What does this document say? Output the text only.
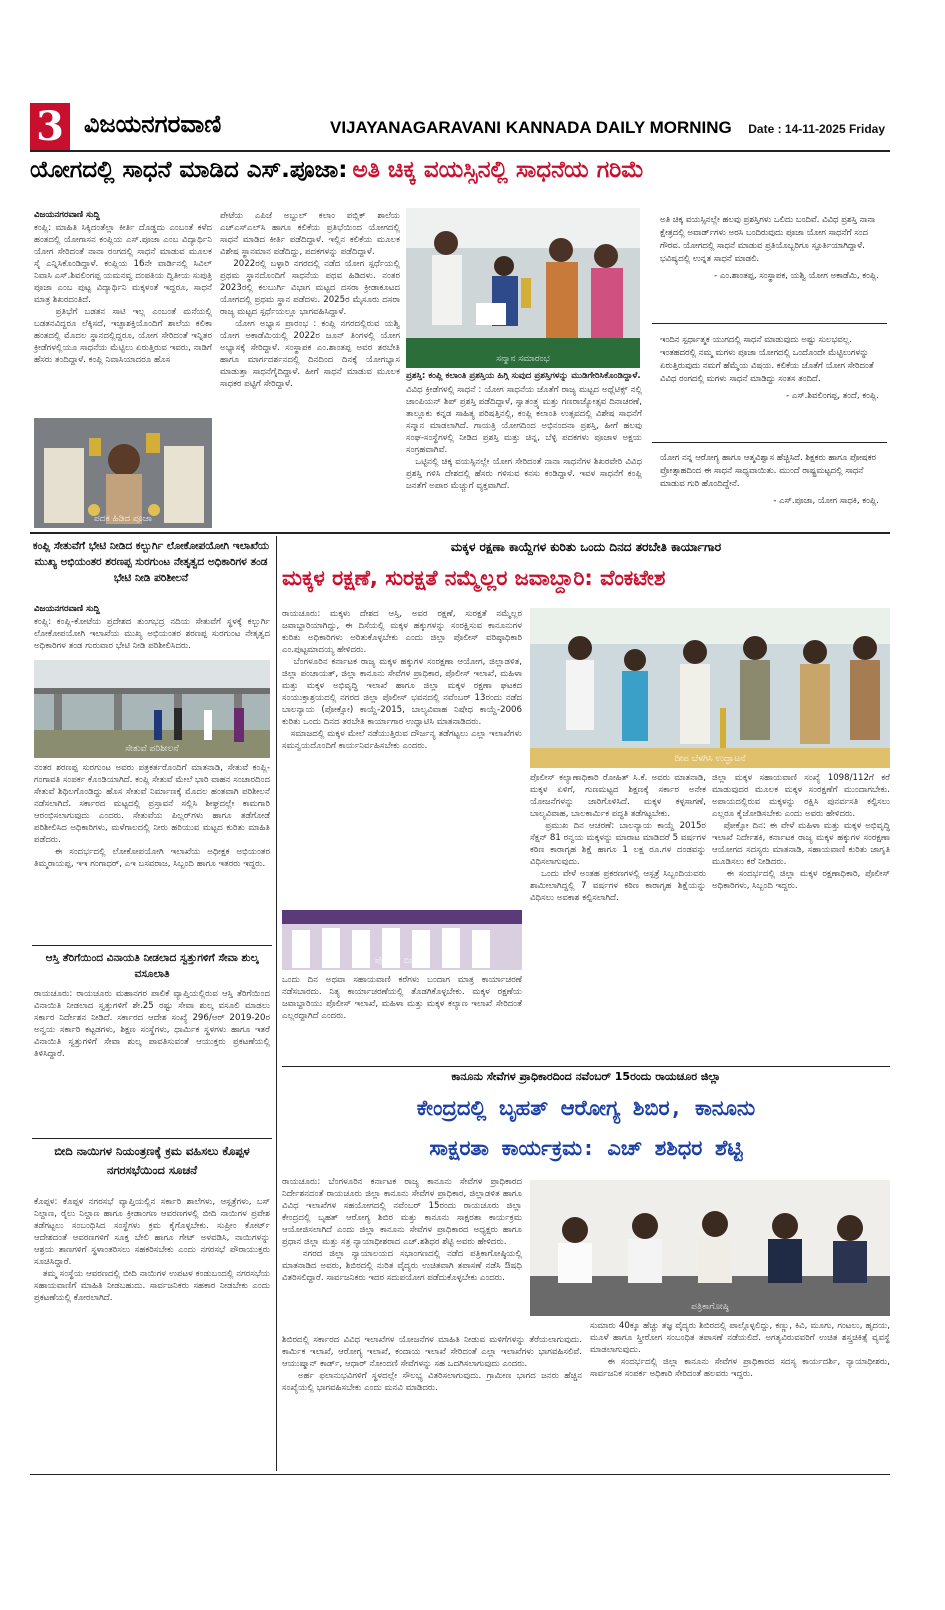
3 ವಿಜಯನಗರವಾಣಿ	VIJAYANAGARAVANI KANNADA DAILY MORNING Date : 14-11-2025 Friday
ಯೋಗದಲ್ಲಿ ಸಾಧನೆ ಮಾಡಿದ ಎಸ್.ಪೂಜಾ: ಅತಿ ಚಿಕ್ಕ ವಯಸ್ಸಿನಲ್ಲಿ ಸಾಧನೆಯ ಗರಿಮೆ
ವಿಜಯನಗರವಾಣಿ ಸುದ್ದಿ
ಕಂಪ್ಲಿ: ಮಾಹಿತಿ ಸಿಕ್ಕಿದಂತೆಲ್ಲಾ ಕೀರ್ತಿ ದೊಡ್ಡದು ಎಂಬಂತೆ ಕಳೆದ ಹಂತದಲ್ಲಿ ಯೋಗಾಸನ ಕಂಪ್ಲಿಯ ಎಸ್.ಪೂಜಾ ಎಂಬ ವಿದ್ಯಾರ್ಥಿನಿ ಯೋಗ ಸೇರಿದಂತೆ ನಾನಾ ರಂಗದಲ್ಲಿ ಸಾಧನೆ ಮಾಡುವ ಮೂಲಕ ಸೈ ಎನ್ನಿಸಿಕೊಂಡಿದ್ದಾಳೆ. ಕಂಪ್ಲಿಯ 16ನೇ ವಾರ್ಡಿನಲ್ಲಿ ಸಿವಿಲ್ ನಿವಾಸಿ ಎಸ್.ಶಿವಲಿಂಗಪ್ಪ ಯಮನವ್ವ ದಂಪತಿಯ ದ್ವಿತೀಯ ಸುಪುತ್ರಿ ಪೂಜಾ ಎಂಬ ಪುಟ್ಟ ವಿದ್ಯಾರ್ಥಿನಿ ಮಕ್ಕಳಂತೆ ಇದ್ದರೂ, ಸಾಧನೆ ಮಾತ್ರ ಶಿಖರದಂತಿದೆ.
ಪ್ರತಿಭೆಗೆ ಬಡತನ ಸಾಟಿ ಇಲ್ಲ ಎಂಬಂತೆ ಮನೆಯಲ್ಲಿ ಬಡತನವಿದ್ದರೂ ಲೆಕ್ಕಿಸದೆ, ಇಚ್ಛಾಶಕ್ತಿಯೊಂದಿಗೆ ಶಾಲೆಯ ಕಲಿಕಾ ಹಂತದಲ್ಲಿ ಮೊದಲ ಸ್ಥಾನದಲ್ಲಿದ್ದರೂ, ಯೋಗ ಸೇರಿದಂತೆ ಇನ್ನಿತರ ಕ್ರೀಡೆಗಳಲ್ಲಿಯೂ ಸಾಧನೆಯ ಮೆಟ್ಟಿಲು ಏರುತ್ತಿರುವ ಇವರು, ನಾಡಿಗೆ ಹೆಸರು ತಂದಿದ್ದಾಳೆ. ಕಂಪ್ಲಿ ನಿವಾಸಿಯಾದರೂ ಹೊಸ
ಪೇಟೆಯ ಎಪಿಜೆ ಅಬ್ದುಲ್ ಕಲಾಂ ಪಬ್ಲಿಕ್ ಶಾಲೆಯ ಎಚ್‌ಎಸ್‌ಎಲ್‌ಸಿ ಹಾಗೂ ಕಲಿಕೆಯ ಪ್ರತಿಭೆಯಿಂದ ಯೋಗದಲ್ಲಿ ಸಾಧನೆ ಮಾಡಿದ ಕೀರ್ತಿ ಪಡೆದಿದ್ದಾಳೆ. ಇಲ್ಲಿನ ಕಲಿಕೆಯ ಮೂಲಕ ವಿಶೇಷ ಸ್ಥಾನಮಾನ ಪಡೆದಿದ್ದು, ಪದಕಗಳನ್ನು ಪಡೆದಿದ್ದಾಳೆ.
2022ರಲ್ಲಿ ಬಳ್ಳಾರಿ ನಗರದಲ್ಲಿ ನಡೆದ ಯೋಗ ಸ್ಪರ್ಧೆಯಲ್ಲಿ ಪ್ರಥಮ ಸ್ಥಾನದೊಂದಿಗೆ ಸಾಧನೆಯ ಪಥವ ಹಿಡಿದಳು. ನಂತರ 2023ರಲ್ಲಿ ಕಲಬುರ್ಗಿ ವಿಭಾಗ ಮಟ್ಟದ ದಸರಾ ಕ್ರೀಡಾಕೂಟದ ಯೋಗದಲ್ಲಿ ಪ್ರಥಮ ಸ್ಥಾನ ಪಡೆದಳು. 2025ರ ಮೈಸೂರು ದಸರಾ ರಾಜ್ಯ ಮಟ್ಟದ ಸ್ಪರ್ಧೆಯಲ್ಲೂ ಭಾಗವಹಿಸಿದ್ದಾಳೆ.
ಯೋಗ ಅಭ್ಯಾಸ ಪ್ರಾರಂಭ : ಕಂಪ್ಲಿ ನಗರದಲ್ಲಿರುವ ಯಶ್ವಿ ಯೋಗ ಅಕಾಡೆಮಿಯಲ್ಲಿ 2022ರ ಜೂನ್ ತಿಂಗಳಲ್ಲಿ ಯೋಗ ಅಭ್ಯಾಸಕ್ಕೆ ಸೇರಿದ್ದಾಳೆ. ಸಂಸ್ಥಾಪಕ ಎಂ.ಶಾಂತಪ್ಪ ಅವರ ತರಬೇತಿ ಹಾಗೂ ಮಾರ್ಗದರ್ಶನದಲ್ಲಿ ದಿನದಿಂದ ದಿನಕ್ಕೆ ಯೋಗಭ್ಯಾಸ ಮಾಡುತ್ತಾ ಸಾಧನೆಗೈದಿದ್ದಾಳೆ. ಹೀಗೆ ಸಾಧನೆ ಮಾಡುವ ಮೂಲಕ ಸಾಧಕರ ಪಟ್ಟಿಗೆ ಸೇರಿದ್ದಾಳೆ.
ಪದಕ ಹಿಡಿದ ಪೂಜಾ
ಸನ್ಮಾನ ಸಮಾರಂಭ
ಪ್ರಶಸ್ತಿ: ಕಂಪ್ಲಿ ಕಲಾಂತಿ ಪ್ರಶಸ್ತಿಯ ಹಿಗ್ಗಿ ಸುವುದ ಪ್ರಶಸ್ತಿಗಳನ್ನು ಮುಡಿಗೇರಿಸಿಕೊಂಡಿದ್ದಾಳೆ.
ವಿವಿಧ ಕ್ರೀಡೆಗಳಲ್ಲಿ ಸಾಧನೆ : ಯೋಗ ಸಾಧನೆಯ ಜೊತೆಗೆ ರಾಜ್ಯ ಮಟ್ಟದ ಅಥ್ಲೆಟಿಕ್ಸ್ ನಲ್ಲಿ ಚಾಂಪಿಯನ್ ಶಿಪ್ ಪ್ರಶಸ್ತಿ ಪಡೆದಿದ್ದಾಳೆ, ಸ್ವಾತಂತ್ರ್ಯ ಮತ್ತು ಗಣರಾಜ್ಯೋತ್ಸವ ದಿನಾಚರಣೆ, ತಾಲ್ಲೂಕು ಕನ್ನಡ ಸಾಹಿತ್ಯ ಪರಿಷತ್ತಿನಲ್ಲಿ, ಕಂಪ್ಲಿ ಕಲಾಂತಿ ಉತ್ಸವದಲ್ಲಿ ವಿಶೇಷ ಸಾಧನೆಗೆ ಸನ್ಮಾನ ಮಾಡಲಾಗಿದೆ. ಗಾಯತ್ರಿ ಯೋಗದಿಂದ ಅಭಿನಂದನಾ ಪ್ರಶಸ್ತಿ, ಹೀಗೆ ಹಲವು ಸಂಘ-ಸಂಸ್ಥೆಗಳಲ್ಲಿ ನೀಡಿದ ಪ್ರಶಸ್ತಿ ಮತ್ತು ಚಿನ್ನ, ಬೆಳ್ಳಿ ಪದಕಗಳು ಪೂಜಾಳ ಅಕ್ಷಯ ಸಂಗ್ರಹವಾಗಿವೆ.
ಒಟ್ಟಿನಲ್ಲಿ ಚಿಕ್ಕ ವಯಸ್ಸಿನಲ್ಲೇ ಯೋಗ ಸೇರಿದಂತೆ ನಾನಾ ಸಾಧನೆಗಳ ಶಿಖರವೇರಿ ವಿವಿಧ ಪ್ರಶಸ್ತಿ ಗಳಿಸಿ ದೇಶದಲ್ಲಿ ಹೆಸರು ಗಳಿಸುವ ಕನಸು ಕಂಡಿದ್ದಾಳೆ. ಇವಳ ಸಾಧನೆಗೆ ಕಂಪ್ಲಿ ಜನತೆಗೆ ಅಪಾರ ಮೆಚ್ಚುಗೆ ವ್ಯಕ್ತವಾಗಿದೆ.
ಅತಿ ಚಿಕ್ಕ ವಯಸ್ಸಿನಲ್ಲೇ ಹಲವು ಪ್ರಶಸ್ತಿಗಳು ಒಲಿದು ಬಂದಿವೆ. ವಿವಿಧ ಪ್ರಶಸ್ತಿ ನಾನಾ ಕ್ಷೇತ್ರದಲ್ಲಿ ಅವಾರ್ಡ್‌ಗಳು ಅರಸಿ ಬಂದಿರುವುದು ಪೂಜಾ ಯೋಗ ಸಾಧನೆಗೆ ಸಂದ ಗೌರವ. ಯೋಗದಲ್ಲಿ ಸಾಧನೆ ಮಾಡುವ ಪ್ರತಿಯೊಬ್ಬರಿಗೂ ಸ್ಫೂರ್ತಿಯಾಗಿದ್ದಾಳೆ. ಭವಿಷ್ಯದಲ್ಲಿ ಉನ್ನತ ಸಾಧನೆ ಮಾಡಲಿ.
- ಎಂ.ಶಾಂತಪ್ಪ, ಸಂಸ್ಥಾಪಕ, ಯಶ್ವಿ ಯೋಗ ಅಕಾಡೆಮಿ, ಕಂಪ್ಲಿ.
ಇಂದಿನ ಸ್ಪರ್ಧಾತ್ಮಕ ಯುಗದಲ್ಲಿ ಸಾಧನೆ ಮಾಡುವುದು ಅಷ್ಟು ಸುಲಭವಲ್ಲ. ಇಂತಹದರಲ್ಲಿ ನಮ್ಮ ಮಗಳು ಪೂಜಾ ಯೋಗದಲ್ಲಿ ಒಂದೊಂದೇ ಮೆಟ್ಟಿಲುಗಳನ್ನು ಏರುತ್ತಿರುವುದು ನಮಗೆ ಹೆಮ್ಮೆಯ ವಿಷಯ. ಕಲಿಕೆಯ ಜೊತೆಗೆ ಯೋಗ ಸೇರಿದಂತೆ ವಿವಿಧ ರಂಗದಲ್ಲಿ ಮಗಳು ಸಾಧನೆ ಮಾಡಿದ್ದು ಸಂತಸ ತಂದಿದೆ.
- ಎಸ್.ಶಿವಲಿಂಗಪ್ಪ, ತಂದೆ, ಕಂಪ್ಲಿ.
ಯೋಗ ನನ್ನ ಆರೋಗ್ಯ ಹಾಗೂ ಆತ್ಮವಿಶ್ವಾಸ ಹೆಚ್ಚಿಸಿದೆ. ಶಿಕ್ಷಕರು ಹಾಗೂ ಪೋಷಕರ ಪ್ರೋತ್ಸಾಹದಿಂದ ಈ ಸಾಧನೆ ಸಾಧ್ಯವಾಯಿತು. ಮುಂದೆ ರಾಷ್ಟ್ರಮಟ್ಟದಲ್ಲಿ ಸಾಧನೆ ಮಾಡುವ ಗುರಿ ಹೊಂದಿದ್ದೇನೆ.
- ಎಸ್.ಪೂಜಾ, ಯೋಗ ಸಾಧಕಿ, ಕಂಪ್ಲಿ.
ಕಂಪ್ಲಿ ಸೇತುವೆಗೆ ಭೇಟಿ ನೀಡಿದ ಕಲ್ಬುರ್ಗಿ ಲೋಕೋಪಯೋಗಿ ಇಲಾಖೆಯ ಮುಖ್ಯ ಅಭಿಯಂತರ ಶರಣಪ್ಪ ಸುರಗುಂಟ ನೇತೃತ್ವದ ಅಧಿಕಾರಿಗಳ ತಂಡ ಭೇಟಿ ನೀಡಿ ಪರಿಶೀಲನೆ
ವಿಜಯನಗರವಾಣಿ ಸುದ್ದಿ
ಕಂಪ್ಲಿ: ಕಂಪ್ಲಿ-ಕೋಟೆಯ ಪ್ರದೇಶದ ತುಂಗಭದ್ರ ನದಿಯ ಸೇತುವೆಗೆ ಸ್ಥಳಕ್ಕೆ ಕಲ್ಬುರ್ಗಿ ಲೋಕೋಪಯೋಗಿ ಇಲಾಖೆಯ ಮುಖ್ಯ ಅಭಿಯಂತರ ಶರಣಪ್ಪ ಸುರಗುಂಟ ನೇತೃತ್ವದ ಅಧಿಕಾರಿಗಳ ತಂಡ ಗುರುವಾರ ಭೇಟಿ ನೀಡಿ ಪರಿಶೀಲಿಸಿದರು.
ಸೇತುವೆ ಪರಿಶೀಲನೆ
ನಂತರ ಶರಣಪ್ಪ ಸುರಗುಂಟ ಅವರು ಪತ್ರಕರ್ತರೊಂದಿಗೆ ಮಾತನಾಡಿ, ಸೇತುವೆ ಕಂಪ್ಲಿ-ಗಂಗಾವತಿ ಸಂಪರ್ಕ ಕೊಂಡಿಯಾಗಿದೆ. ಕಂಪ್ಲಿ ಸೇತುವೆ ಮೇಲೆ ಭಾರಿ ವಾಹನ ಸಂಚಾರದಿಂದ ಸೇತುವೆ ಶಿಥಿಲಗೊಂಡಿದ್ದು ಹೊಸ ಸೇತುವೆ ನಿರ್ಮಾಣಕ್ಕೆ ಮೊದಲ ಹಂತವಾಗಿ ಪರಿಶೀಲನೆ ನಡೆಸಲಾಗಿದೆ. ಸರ್ಕಾರದ ಮಟ್ಟದಲ್ಲಿ ಪ್ರಸ್ತಾವನೆ ಸಲ್ಲಿಸಿ ಶೀಘ್ರದಲ್ಲೇ ಕಾಮಗಾರಿ ಆರಂಭಿಸಲಾಗುವುದು ಎಂದರು. ಸೇತುವೆಯ ಪಿಲ್ಲರ್‌ಗಳು ಹಾಗೂ ತಡೆಗೋಡೆ ಪರಿಶೀಲಿಸಿದ ಅಧಿಕಾರಿಗಳು, ಮಳೆಗಾಲದಲ್ಲಿ ನೀರು ಹರಿಯುವ ಮಟ್ಟದ ಕುರಿತು ಮಾಹಿತಿ ಪಡೆದರು.
ಈ ಸಂದರ್ಭದಲ್ಲಿ ಲೋಕೋಪಯೋಗಿ ಇಲಾಖೆಯ ಅಧೀಕ್ಷಕ ಅಭಿಯಂತರ ತಿಮ್ಮರಾಯಪ್ಪ, ಇಇ ಗಂಗಾಧರ್, ಎಇ ಬಸವರಾಜ, ಸಿಬ್ಬಂದಿ ಹಾಗೂ ಇತರರು ಇದ್ದರು.
ಆಸ್ತಿ ತೆರಿಗೆಯಿಂದ ವಿನಾಯತಿ ನೀಡಲಾದ ಸ್ವತ್ತುಗಳಿಗೆ ಸೇವಾ ಶುಲ್ಕ ವಸೂಲಾತಿ
ರಾಯಚೂರು: ರಾಯಚೂರು ಮಹಾನಗರ ಪಾಲಿಕೆ ವ್ಯಾಪ್ತಿಯಲ್ಲಿರುವ ಆಸ್ತಿ ತೆರಿಗೆಯಿಂದ ವಿನಾಯಿತಿ ನೀಡಲಾದ ಸ್ವತ್ತುಗಳಿಗೆ ಶೇ.25 ರಷ್ಟು ಸೇವಾ ಶುಲ್ಕ ವಸೂಲಿ ಮಾಡಲು ಸರ್ಕಾರ ನಿರ್ದೇಶನ ನೀಡಿದೆ. ಸರ್ಕಾರದ ಆದೇಶ ಸಂಖ್ಯೆ 296/ಆರ್ 2019-20ರ ಅನ್ವಯ ಸರ್ಕಾರಿ ಕಟ್ಟಡಗಳು, ಶಿಕ್ಷಣ ಸಂಸ್ಥೆಗಳು, ಧಾರ್ಮಿಕ ಸ್ಥಳಗಳು ಹಾಗೂ ಇತರೆ ವಿನಾಯಿತಿ ಸ್ವತ್ತುಗಳಿಗೆ ಸೇವಾ ಶುಲ್ಕ ಪಾವತಿಸುವಂತೆ ಆಯುಕ್ತರು ಪ್ರಕಟಣೆಯಲ್ಲಿ ತಿಳಿಸಿದ್ದಾರೆ.
ಬೀದಿ ನಾಯಿಗಳ ನಿಯಂತ್ರಣಕ್ಕೆ ಕ್ರಮ ವಹಿಸಲು ಕೊಪ್ಪಳ ನಗರಸಭೆಯಿಂದ ಸೂಚನೆ
ಕೊಪ್ಪಳ: ಕೊಪ್ಪಳ ನಗರಸಭೆ ವ್ಯಾಪ್ತಿಯಲ್ಲಿನ ಸರ್ಕಾರಿ ಶಾಲೆಗಳು, ಆಸ್ಪತ್ರೆಗಳು, ಬಸ್ ನಿಲ್ದಾಣ, ರೈಲು ನಿಲ್ದಾಣ ಹಾಗೂ ಕ್ರೀಡಾಂಗಣ ಆವರಣಗಳಲ್ಲಿ ಬೀದಿ ನಾಯಿಗಳ ಪ್ರವೇಶ ತಡೆಗಟ್ಟಲು ಸಂಬಂಧಿಸಿದ ಸಂಸ್ಥೆಗಳು ಕ್ರಮ ಕೈಗೊಳ್ಳಬೇಕು. ಸುಪ್ರೀಂ ಕೋರ್ಟ್ ಆದೇಶದಂತೆ ಆವರಣಗಳಿಗೆ ಸೂಕ್ತ ಬೇಲಿ ಹಾಗೂ ಗೇಟ್ ಅಳವಡಿಸಿ, ನಾಯಿಗಳನ್ನು ಆಶ್ರಯ ತಾಣಗಳಿಗೆ ಸ್ಥಳಾಂತರಿಸಲು ಸಹಕರಿಸಬೇಕು ಎಂದು ನಗರಸಭೆ ಪೌರಾಯುಕ್ತರು ಸೂಚಿಸಿದ್ದಾರೆ.
ತಮ್ಮ ಸಂಸ್ಥೆಯ ಆವರಣದಲ್ಲಿ ಬೀದಿ ನಾಯಿಗಳ ಉಪಟಳ ಕಂಡುಬಂದಲ್ಲಿ ನಗರಸಭೆಯ ಸಹಾಯವಾಣಿಗೆ ಮಾಹಿತಿ ನೀಡಬಹುದು. ಸಾರ್ವಜನಿಕರು ಸಹಕಾರ ನೀಡಬೇಕು ಎಂದು ಪ್ರಕಟಣೆಯಲ್ಲಿ ಕೋರಲಾಗಿದೆ.
ಮಕ್ಕಳ ರಕ್ಷಣಾ ಕಾಯ್ದೆಗಳ ಕುರಿತು ಒಂದು ದಿನದ ತರಬೇತಿ ಕಾರ್ಯಾಗಾರ
ಮಕ್ಕಳ ರಕ್ಷಣೆ, ಸುರಕ್ಷತೆ ನಮ್ಮೆಲ್ಲರ ಜವಾಬ್ದಾರಿ: ವೆಂಕಟೇಶ
ರಾಯಚೂರು: ಮಕ್ಕಳು ದೇಶದ ಆಸ್ತಿ, ಅವರ ರಕ್ಷಣೆ, ಸುರಕ್ಷತೆ ನಮ್ಮೆಲ್ಲರ ಜವಾಬ್ದಾರಿಯಾಗಿದ್ದು, ಈ ದಿಸೆಯಲ್ಲಿ ಮಕ್ಕಳ ಹಕ್ಕುಗಳನ್ನು ಸಂರಕ್ಷಿಸುವ ಕಾನೂನುಗಳ ಕುರಿತು ಅಧಿಕಾರಿಗಳು ಅರಿತುಕೊಳ್ಳಬೇಕು ಎಂದು ಜಿಲ್ಲಾ ಪೊಲೀಸ್ ವರಿಷ್ಠಾಧಿಕಾರಿ ಎಂ.ಪುಟ್ಟಮಾದಯ್ಯ ಹೇಳಿದರು.
ಬೆಂಗಳೂರಿನ ಕರ್ನಾಟಕ ರಾಜ್ಯ ಮಕ್ಕಳ ಹಕ್ಕುಗಳ ಸಂರಕ್ಷಣಾ ಆಯೋಗ, ಜಿಲ್ಲಾಡಳಿತ, ಜಿಲ್ಲಾ ಪಂಚಾಯತ್, ಜಿಲ್ಲಾ ಕಾನೂನು ಸೇವೆಗಳ ಪ್ರಾಧಿಕಾರ, ಪೊಲೀಸ್ ಇಲಾಖೆ, ಮಹಿಳಾ ಮತ್ತು ಮಕ್ಕಳ ಅಭಿವೃದ್ಧಿ ಇಲಾಖೆ ಹಾಗೂ ಜಿಲ್ಲಾ ಮಕ್ಕಳ ರಕ್ಷಣಾ ಘಟಕದ ಸಂಯುಕ್ತಾಶ್ರಯದಲ್ಲಿ ನಗರದ ಜಿಲ್ಲಾ ಪೊಲೀಸ್ ಭವನದಲ್ಲಿ ನವೆಂಬರ್ 13ರಂದು ನಡೆದ ಬಾಲನ್ಯಾಯ (ಪೋಕ್ಸೋ) ಕಾಯ್ದೆ-2015, ಬಾಲ್ಯವಿವಾಹ ನಿಷೇಧ ಕಾಯ್ದೆ-2006 ಕುರಿತು ಒಂದು ದಿನದ ತರಬೇತಿ ಕಾರ್ಯಾಗಾರ ಉದ್ಘಾಟಿಸಿ ಮಾತನಾಡಿದರು.
ಸಮಾಜದಲ್ಲಿ ಮಕ್ಕಳ ಮೇಲೆ ನಡೆಯುತ್ತಿರುವ ದೌರ್ಜನ್ಯ ತಡೆಗಟ್ಟಲು ಎಲ್ಲಾ ಇಲಾಖೆಗಳು ಸಮನ್ವಯದೊಂದಿಗೆ ಕಾರ್ಯನಿರ್ವಹಿಸಬೇಕು ಎಂದರು.
ಪೋಸ್ಟರ್ ಬಿಡುಗಡೆ
ಒಂದು ದಿನ ಅಥವಾ ಸಹಾಯವಾಣಿ ಕರೆಗಳು ಬಂದಾಗ ಮಾತ್ರ ಕಾರ್ಯಾಚರಣೆ ನಡೆಸಬಾರದು. ನಿತ್ಯ ಕಾರ್ಯಾಚರಣೆಯಲ್ಲಿ ತೊಡಗಿಕೊಳ್ಳಬೇಕು. ಮಕ್ಕಳ ರಕ್ಷಣೆಯ ಜವಾಬ್ದಾರಿಯು ಪೊಲೀಸ್ ಇಲಾಖೆ, ಮಹಿಳಾ ಮತ್ತು ಮಕ್ಕಳ ಕಲ್ಯಾಣ ಇಲಾಖೆ ಸೇರಿದಂತೆ ಎಲ್ಲರದ್ದಾಗಿದೆ ಎಂದರು.
ದೀಪ ಬೆಳಗಿಸಿ ಉದ್ಘಾಟನೆ
ಪೊಲೀಸ್ ಕಲ್ಯಾಣಾಧಿಕಾರಿ ರೋಹಿತ್ ಸಿ.ಕೆ. ಅವರು ಮಾತನಾಡಿ, ಮಕ್ಕಳ ಏಳಿಗೆ, ಗುಣಮಟ್ಟದ ಶಿಕ್ಷಣಕ್ಕೆ ಸರ್ಕಾರ ಅನೇಕ ಯೋಜನೆಗಳನ್ನು ಜಾರಿಗೊಳಿಸಿದೆ. ಮಕ್ಕಳ ಕಳ್ಳಸಾಗಣೆ, ಬಾಲ್ಯವಿವಾಹ, ಬಾಲಕಾರ್ಮಿಕ ಪದ್ಧತಿ ತಡೆಗಟ್ಟಬೇಕು.
ಪ್ರಮುಖ ದಿನ ಆಚರಣೆ: ಬಾಲನ್ಯಾಯ ಕಾಯ್ದೆ 2015ರ ಸೆಕ್ಷನ್ 81 ರನ್ವಯ ಮಕ್ಕಳನ್ನು ಮಾರಾಟ ಮಾಡಿದರೆ 5 ವರ್ಷಗಳ ಕಠಿಣ ಕಾರಾಗೃಹ ಶಿಕ್ಷೆ ಹಾಗೂ 1 ಲಕ್ಷ ರೂ.ಗಳ ದಂಡವನ್ನು ವಿಧಿಸಲಾಗುವುದು.
ಒಂದು ವೇಳೆ ಅಂತಹ ಪ್ರಕರಣಗಳಲ್ಲಿ ಆಸ್ಪತ್ರೆ ಸಿಬ್ಬಂದಿಯವರು ಶಾಮೀಲಾಗಿದ್ದಲ್ಲಿ 7 ವರ್ಷಗಳ ಕಠಿಣ ಕಾರಾಗೃಹ ಶಿಕ್ಷೆಯನ್ನು ವಿಧಿಸಲು ಅವಕಾಶ ಕಲ್ಪಿಸಲಾಗಿದೆ.
ಜಿಲ್ಲಾ ಮಕ್ಕಳ ಸಹಾಯವಾಣಿ ಸಂಖ್ಯೆ 1098/112ಗೆ ಕರೆ ಮಾಡುವುದರ ಮೂಲಕ ಮಕ್ಕಳ ಸಂರಕ್ಷಣೆಗೆ ಮುಂದಾಗಬೇಕು. ಅಪಾಯದಲ್ಲಿರುವ ಮಕ್ಕಳನ್ನು ರಕ್ಷಿಸಿ ಪುನರ್ವಸತಿ ಕಲ್ಪಿಸಲು ಎಲ್ಲರೂ ಕೈಜೋಡಿಸಬೇಕು ಎಂದು ಅವರು ಹೇಳಿದರು.
ಪೋಕ್ಸೋ ದಿನ: ಈ ವೇಳೆ ಮಹಿಳಾ ಮತ್ತು ಮಕ್ಕಳ ಅಭಿವೃದ್ಧಿ ಇಲಾಖೆ ನಿರ್ದೇಶಕಿ, ಕರ್ನಾಟಕ ರಾಜ್ಯ ಮಕ್ಕಳ ಹಕ್ಕುಗಳ ಸಂರಕ್ಷಣಾ ಆಯೋಗದ ಸದಸ್ಯರು ಮಾತನಾಡಿ, ಸಹಾಯವಾಣಿ ಕುರಿತು ಜಾಗೃತಿ ಮೂಡಿಸಲು ಕರೆ ನೀಡಿದರು.
ಈ ಸಂದರ್ಭದಲ್ಲಿ ಜಿಲ್ಲಾ ಮಕ್ಕಳ ರಕ್ಷಣಾಧಿಕಾರಿ, ಪೊಲೀಸ್ ಅಧಿಕಾರಿಗಳು, ಸಿಬ್ಬಂದಿ ಇದ್ದರು.
ಕಾನೂನು ಸೇವೆಗಳ ಪ್ರಾಧಿಕಾರದಿಂದ ನವೆಂಬರ್ 15ರಂದು ರಾಯಚೂರ ಜಿಲ್ಲಾ
ಕೇಂದ್ರದಲ್ಲಿ ಬೃಹತ್ ಆರೋಗ್ಯ ಶಿಬಿರ, ಕಾನೂನು
ಸಾಕ್ಷರತಾ ಕಾರ್ಯಕ್ರಮ: ಎಚ್ ಶಶಿಧರ ಶೆಟ್ಟಿ
ರಾಯಚೂರು: ಬೆಂಗಳೂರಿನ ಕರ್ನಾಟಕ ರಾಜ್ಯ ಕಾನೂನು ಸೇವೆಗಳ ಪ್ರಾಧಿಕಾರದ ನಿರ್ದೇಶನದಂತೆ ರಾಯಚೂರು ಜಿಲ್ಲಾ ಕಾನೂನು ಸೇವೆಗಳ ಪ್ರಾಧಿಕಾರ, ಜಿಲ್ಲಾಡಳಿತ ಹಾಗೂ ವಿವಿಧ ಇಲಾಖೆಗಳ ಸಹಯೋಗದಲ್ಲಿ ನವೆಂಬರ್ 15ರಂದು ರಾಯಚೂರು ಜಿಲ್ಲಾ ಕೇಂದ್ರದಲ್ಲಿ ಬೃಹತ್ ಆರೋಗ್ಯ ಶಿಬಿರ ಮತ್ತು ಕಾನೂನು ಸಾಕ್ಷರತಾ ಕಾರ್ಯಕ್ರಮ ಆಯೋಜಿಸಲಾಗಿದೆ ಎಂದು ಜಿಲ್ಲಾ ಕಾನೂನು ಸೇವೆಗಳ ಪ್ರಾಧಿಕಾರದ ಅಧ್ಯಕ್ಷರು ಹಾಗೂ ಪ್ರಧಾನ ಜಿಲ್ಲಾ ಮತ್ತು ಸತ್ರ ನ್ಯಾಯಾಧೀಶರಾದ ಎಚ್.ಶಶಿಧರ ಶೆಟ್ಟಿ ಅವರು ಹೇಳಿದರು.
ನಗರದ ಜಿಲ್ಲಾ ನ್ಯಾಯಾಲಯದ ಸಭಾಂಗಣದಲ್ಲಿ ನಡೆದ ಪತ್ರಿಕಾಗೋಷ್ಠಿಯಲ್ಲಿ ಮಾತನಾಡಿದ ಅವರು, ಶಿಬಿರದಲ್ಲಿ ನುರಿತ ವೈದ್ಯರು ಉಚಿತವಾಗಿ ತಪಾಸಣೆ ನಡೆಸಿ ಔಷಧಿ ವಿತರಿಸಲಿದ್ದಾರೆ. ಸಾರ್ವಜನಿಕರು ಇದರ ಸದುಪಯೋಗ ಪಡೆದುಕೊಳ್ಳಬೇಕು ಎಂದರು.
ಪತ್ರಿಕಾಗೋಷ್ಠಿ
ಶಿಬಿರದಲ್ಲಿ ಸರ್ಕಾರದ ವಿವಿಧ ಇಲಾಖೆಗಳ ಯೋಜನೆಗಳ ಮಾಹಿತಿ ನೀಡುವ ಮಳಿಗೆಗಳನ್ನು ತೆರೆಯಲಾಗುವುದು. ಕಾರ್ಮಿಕ ಇಲಾಖೆ, ಆರೋಗ್ಯ ಇಲಾಖೆ, ಕಂದಾಯ ಇಲಾಖೆ ಸೇರಿದಂತೆ ಎಲ್ಲಾ ಇಲಾಖೆಗಳು ಭಾಗವಹಿಸಲಿವೆ. ಆಯುಷ್ಮಾನ್ ಕಾರ್ಡ್, ಆಧಾರ್ ನೋಂದಣಿ ಸೇವೆಗಳನ್ನು ಸಹ ಒದಗಿಸಲಾಗುವುದು ಎಂದರು.
ಅರ್ಹ ಫಲಾನುಭವಿಗಳಿಗೆ ಸ್ಥಳದಲ್ಲೇ ಸೌಲಭ್ಯ ವಿತರಿಸಲಾಗುವುದು. ಗ್ರಾಮೀಣ ಭಾಗದ ಜನರು ಹೆಚ್ಚಿನ ಸಂಖ್ಯೆಯಲ್ಲಿ ಭಾಗವಹಿಸಬೇಕು ಎಂದು ಮನವಿ ಮಾಡಿದರು.
ಸುಮಾರು 40ಕ್ಕೂ ಹೆಚ್ಚು ತಜ್ಞ ವೈದ್ಯರು ಶಿಬಿರದಲ್ಲಿ ಪಾಲ್ಗೊಳ್ಳಲಿದ್ದು, ಕಣ್ಣು, ಕಿವಿ, ಮೂಗು, ಗಂಟಲು, ಹೃದಯ, ಮೂಳೆ ಹಾಗೂ ಸ್ತ್ರೀರೋಗ ಸಂಬಂಧಿತ ತಪಾಸಣೆ ನಡೆಯಲಿದೆ. ಅಗತ್ಯವಿರುವವರಿಗೆ ಉಚಿತ ಶಸ್ತ್ರಚಿಕಿತ್ಸೆ ವ್ಯವಸ್ಥೆ ಮಾಡಲಾಗುವುದು.
ಈ ಸಂದರ್ಭದಲ್ಲಿ ಜಿಲ್ಲಾ ಕಾನೂನು ಸೇವೆಗಳ ಪ್ರಾಧಿಕಾರದ ಸದಸ್ಯ ಕಾರ್ಯದರ್ಶಿ, ನ್ಯಾಯಾಧೀಶರು, ಸಾರ್ವಜನಿಕ ಸಂಪರ್ಕ ಅಧಿಕಾರಿ ಸೇರಿದಂತೆ ಹಲವರು ಇದ್ದರು.
